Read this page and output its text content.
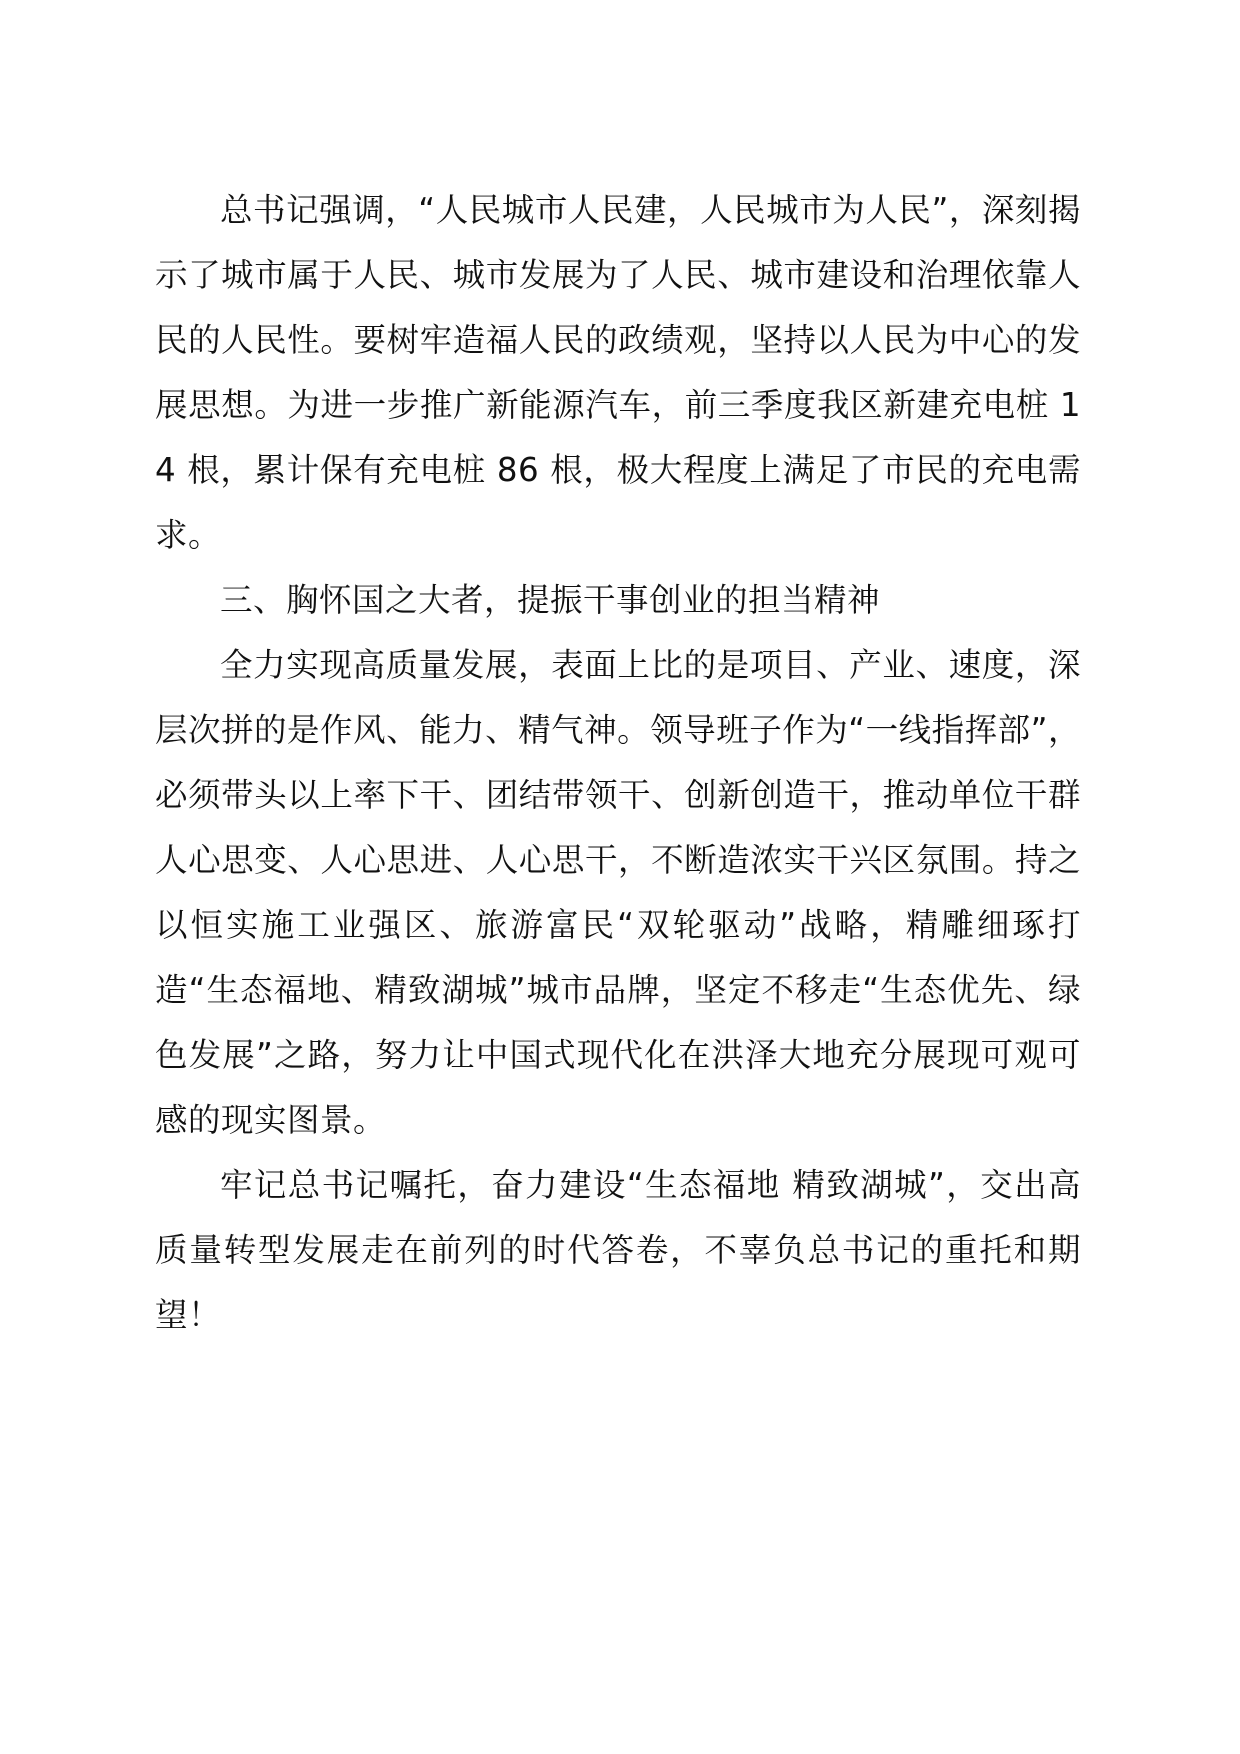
总书记强调，“人民城市人民建，人民城市为人民”，深刻揭示了城市属于人民、城市发展为了人民、城市建设和治理依靠人民的人民性。要树牢造福人民的政绩观，坚持以人民为中心的发展思想。为进一步推广新能源汽车，前三季度我区新建充电桩 14 根，累计保有充电桩 86 根，极大程度上满足了市民的充电需求。

三、胸怀国之大者，提振干事创业的担当精神

全力实现高质量发展，表面上比的是项目、产业、速度，深层次拼的是作风、能力、精气神。领导班子作为“一线指挥部”，必须带头以上率下干、团结带领干、创新创造干，推动单位干群人心思变、人心思进、人心思干，不断造浓实干兴区氛围。持之以恒实施工业强区、旅游富民“双轮驱动”战略，精雕细琢打造“生态福地、精致湖城”城市品牌，坚定不移走“生态优先、绿色发展”之路，努力让中国式现代化在洪泽大地充分展现可观可感的现实图景。

牢记总书记嘱托，奋力建设“生态福地 精致湖城”，交出高质量转型发展走在前列的时代答卷，不辜负总书记的重托和期望！
